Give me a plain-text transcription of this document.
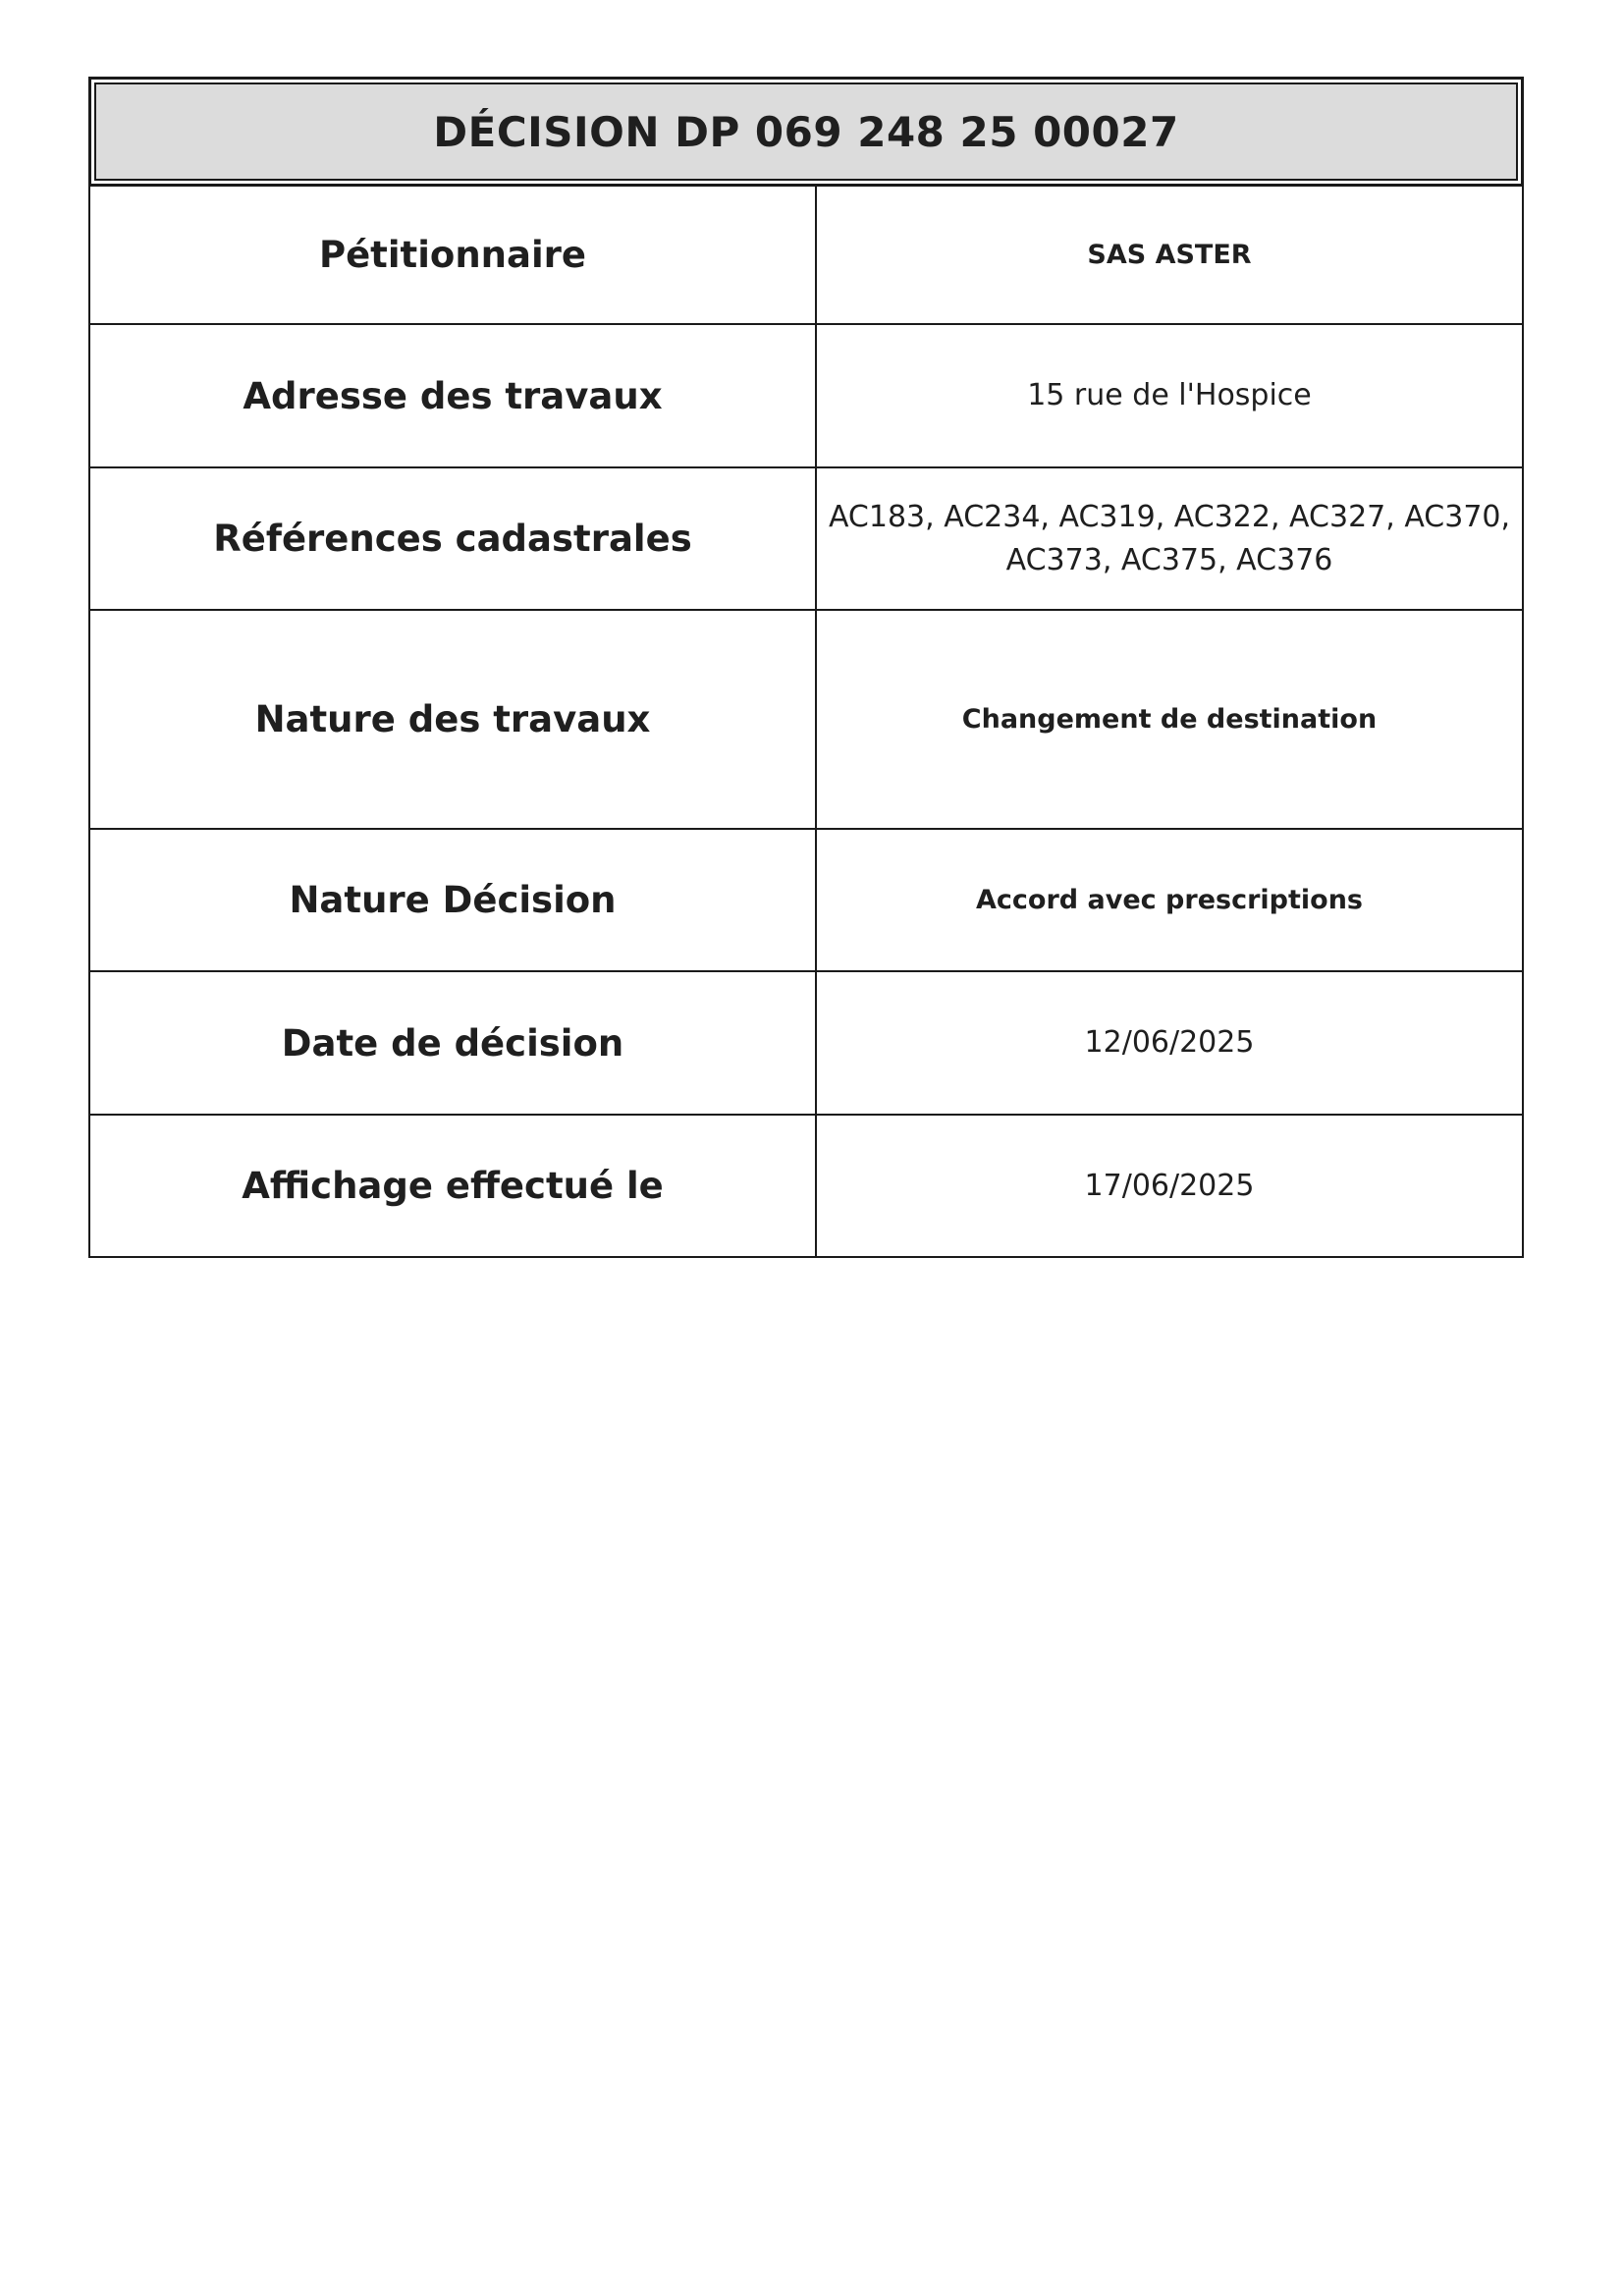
DÉCISION DP 069 248 25 00027
Pétitionnaire	SAS ASTER
Adresse des travaux	15 rue de l'Hospice
Références cadastrales	AC183, AC234, AC319, AC322, AC327, AC370, AC373, AC375, AC376
Nature des travaux	Changement de destination
Nature Décision	Accord avec prescriptions
Date de décision	12/06/2025
Affichage effectué le	17/06/2025
